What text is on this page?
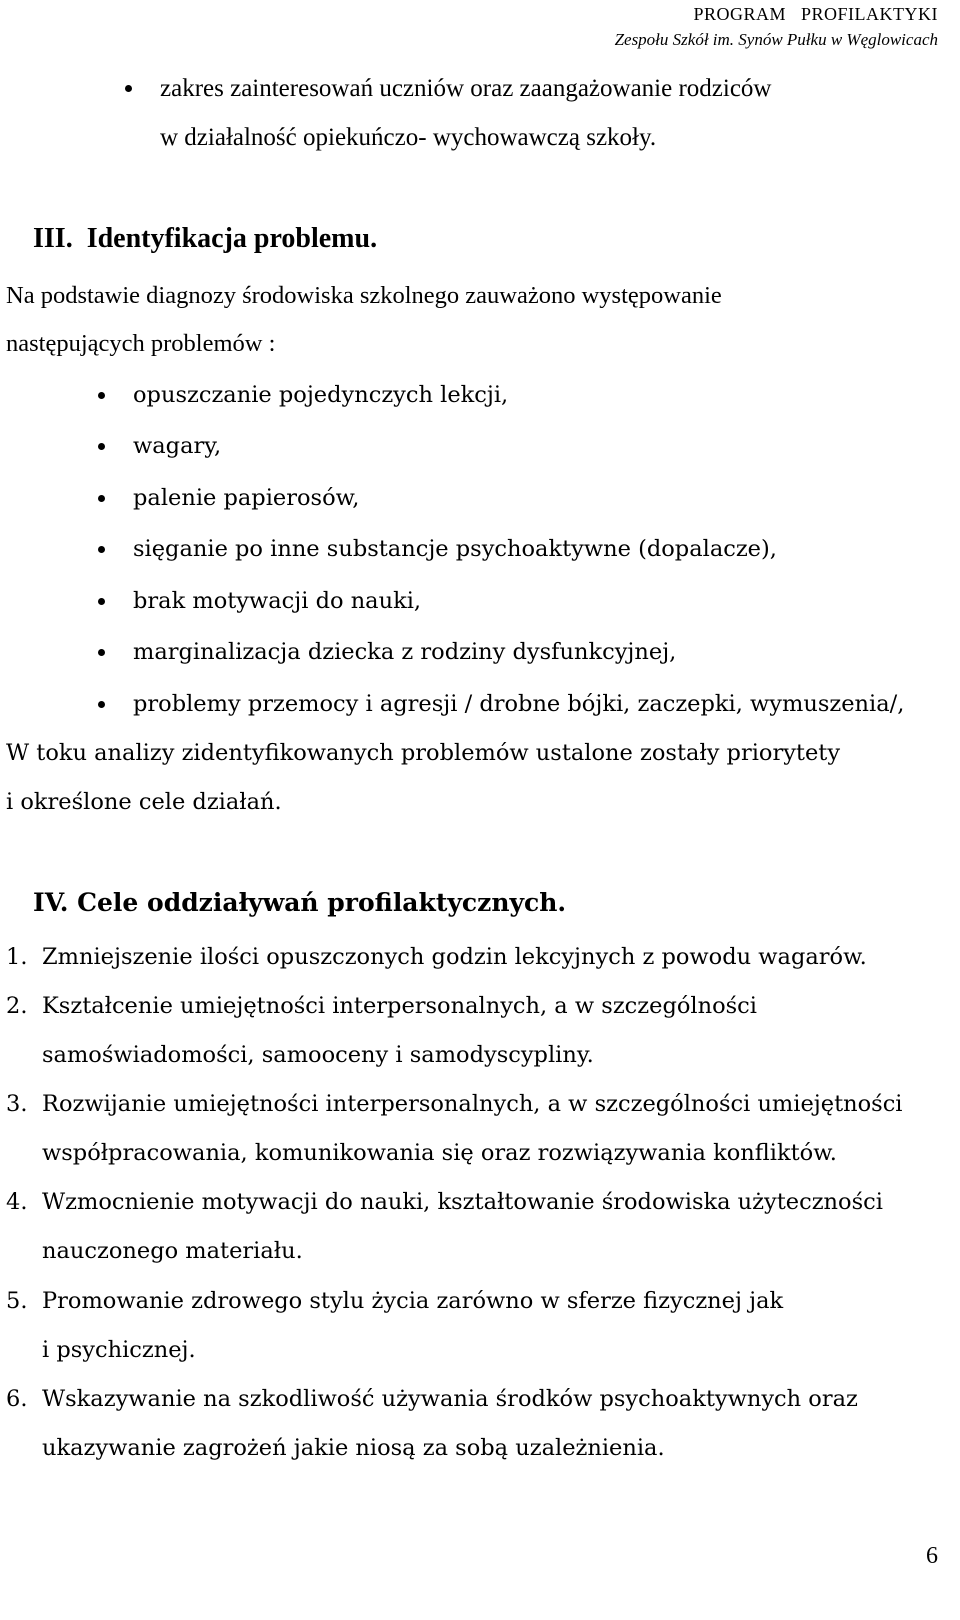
PROGRAM   PROFILAKTYKI
Zespołu Szkół im. Synów Pułku w Węglowicach
zakres zainteresowań uczniów oraz zaangażowanie rodziców
w działalność opiekuńczo- wychowawczą szkoły.
III.  Identyfikacja problemu.
Na podstawie diagnozy środowiska szkolnego zauważono występowanie
następujących problemów :
opuszczanie pojedynczych lekcji,
wagary,
palenie papierosów,
sięganie po inne substancje psychoaktywne (dopalacze),
brak motywacji do nauki,
marginalizacja dziecka z rodziny dysfunkcyjnej,
problemy przemocy i agresji / drobne bójki, zaczepki, wymuszenia/,
W toku analizy zidentyfikowanych problemów ustalone zostały priorytety
i określone cele działań.
IV. Cele oddziaływań profilaktycznych.
1. Zmniejszenie ilości opuszczonych godzin lekcyjnych z powodu wagarów.
2. Kształcenie umiejętności interpersonalnych, a w szczególności
samoświadomości, samooceny i samodyscypliny.
3. Rozwijanie umiejętności interpersonalnych, a w szczególności umiejętności
współpracowania, komunikowania się oraz rozwiązywania konfliktów.
4. Wzmocnienie motywacji do nauki, kształtowanie środowiska użyteczności
nauczonego materiału.
5. Promowanie zdrowego stylu życia zarówno w sferze fizycznej jak
i psychicznej.
6. Wskazywanie na szkodliwość używania środków psychoaktywnych oraz
ukazywanie zagrożeń jakie niosą za sobą uzależnienia.
6
